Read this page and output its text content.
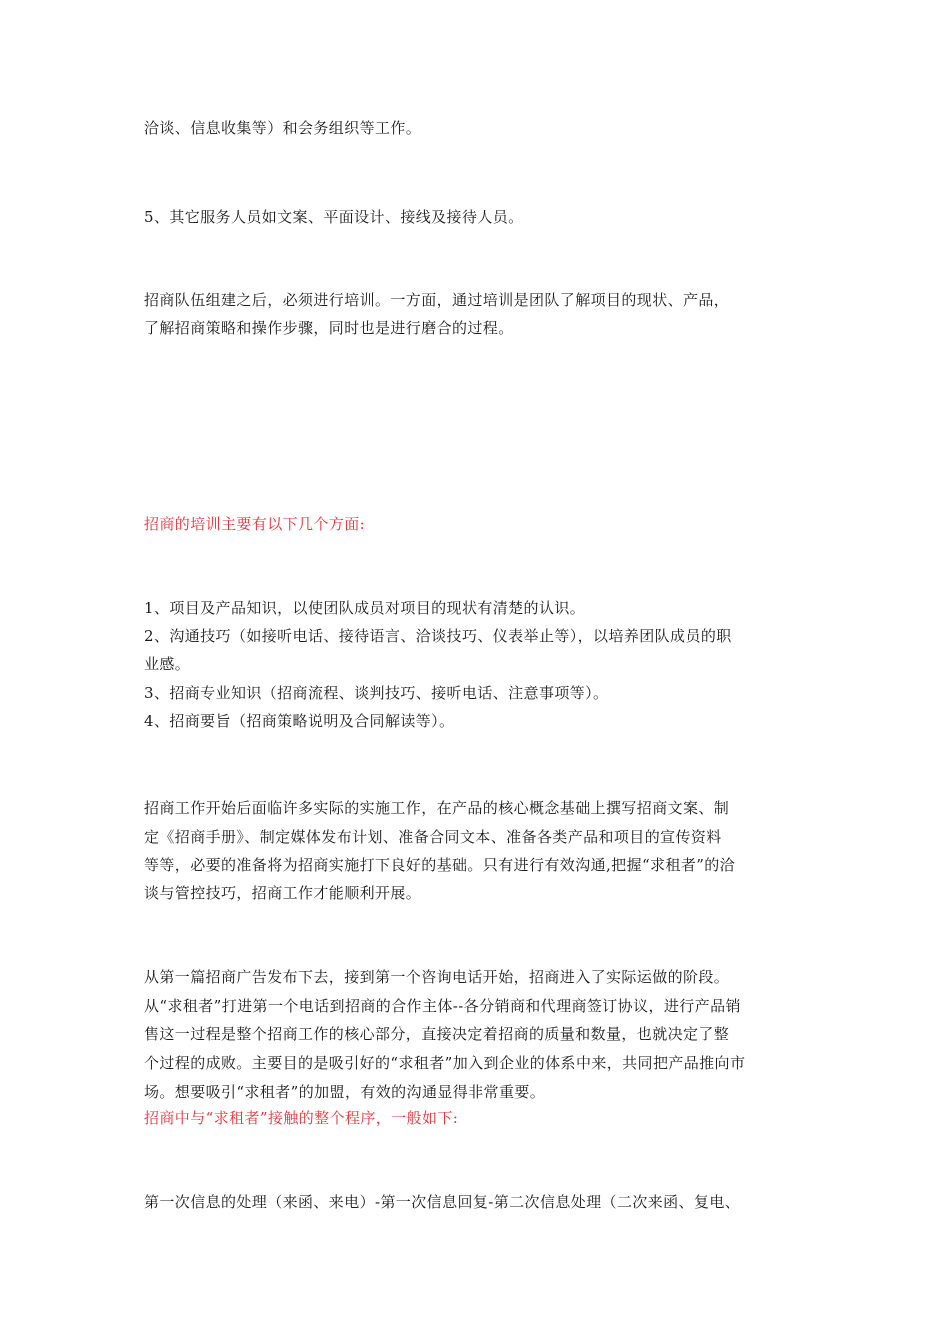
洽谈、信息收集等）和会务组织等工作。
5、其它服务人员如文案、平面设计、接线及接待人员。
招商队伍组建之后，必须进行培训。一方面，通过培训是团队了解项目的现状、产品，
了解招商策略和操作步骤，同时也是进行磨合的过程。
招商的培训主要有以下几个方面:
1、项目及产品知识，以使团队成员对项目的现状有清楚的认识。
2、沟通技巧（如接听电话、接待语言、洽谈技巧、仪表举止等），以培养团队成员的职
业感。
3、招商专业知识（招商流程、谈判技巧、接听电话、注意事项等）。
4、招商要旨（招商策略说明及合同解读等）。
招商工作开始后面临许多实际的实施工作，在产品的核心概念基础上撰写招商文案、制
定《招商手册》、制定媒体发布计划、准备合同文本、准备各类产品和项目的宣传资料
等等，必要的准备将为招商实施打下良好的基础。只有进行有效沟通,把握“求租者”的洽
谈与管控技巧，招商工作才能顺利开展。
从第一篇招商广告发布下去，接到第一个咨询电话开始，招商进入了实际运做的阶段。
从“求租者”打进第一个电话到招商的合作主体--各分销商和代理商签订协议，进行产品销
售这一过程是整个招商工作的核心部分，直接决定着招商的质量和数量，也就决定了整
个过程的成败。主要目的是吸引好的“求租者”加入到企业的体系中来，共同把产品推向市
场。想要吸引“求租者”的加盟，有效的沟通显得非常重要。
招商中与“求租者”接触的整个程序，一般如下:
第一次信息的处理（来函、来电）-第一次信息回复-第二次信息处理（二次来函、复电、
